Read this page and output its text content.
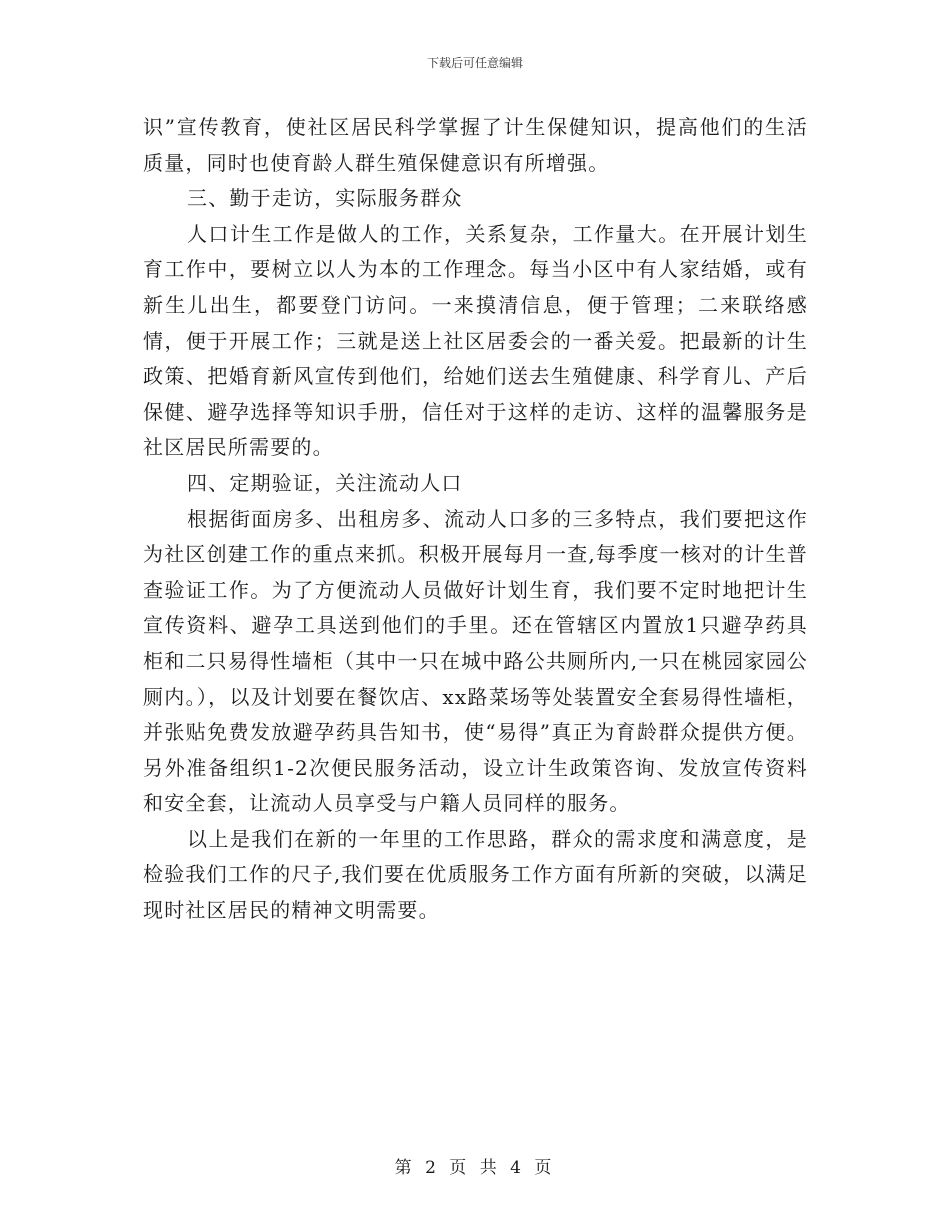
下载后可任意编辑

识”宣传教育，使社区居民科学掌握了计生保健知识，提高他们的生活质量，同时也使育龄人群生殖保健意识有所增强。

三、勤于走访，实际服务群众

人口计生工作是做人的工作，关系复杂，工作量大。在开展计划生育工作中，要树立以人为本的工作理念。每当小区中有人家结婚，或有新生儿出生，都要登门访问。一来摸清信息，便于管理；二来联络感情，便于开展工作；三就是送上社区居委会的一番关爱。把最新的计生政策、把婚育新风宣传到他们，给她们送去生殖健康、科学育儿、产后保健、避孕选择等知识手册，信任对于这样的走访、这样的温馨服务是社区居民所需要的。

四、定期验证，关注流动人口

根据街面房多、出租房多、流动人口多的三多特点，我们要把这作为社区创建工作的重点来抓。积极开展每月一查,每季度一核对的计生普查验证工作。为了方便流动人员做好计划生育，我们要不定时地把计生宣传资料、避孕工具送到他们的手里。还在管辖区内置放1只避孕药具柜和二只易得性墙柜（其中一只在城中路公共厕所内,一只在桃园家园公厕内。），以及计划要在餐饮店、xx路菜场等处装置安全套易得性墙柜，并张贴免费发放避孕药具告知书，使“易得”真正为育龄群众提供方便。另外准备组织1-2次便民服务活动，设立计生政策咨询、发放宣传资料和安全套，让流动人员享受与户籍人员同样的服务。

以上是我们在新的一年里的工作思路，群众的需求度和满意度，是检验我们工作的尺子,我们要在优质服务工作方面有所新的突破，以满足现时社区居民的精神文明需要。

第 2 页 共 4 页
